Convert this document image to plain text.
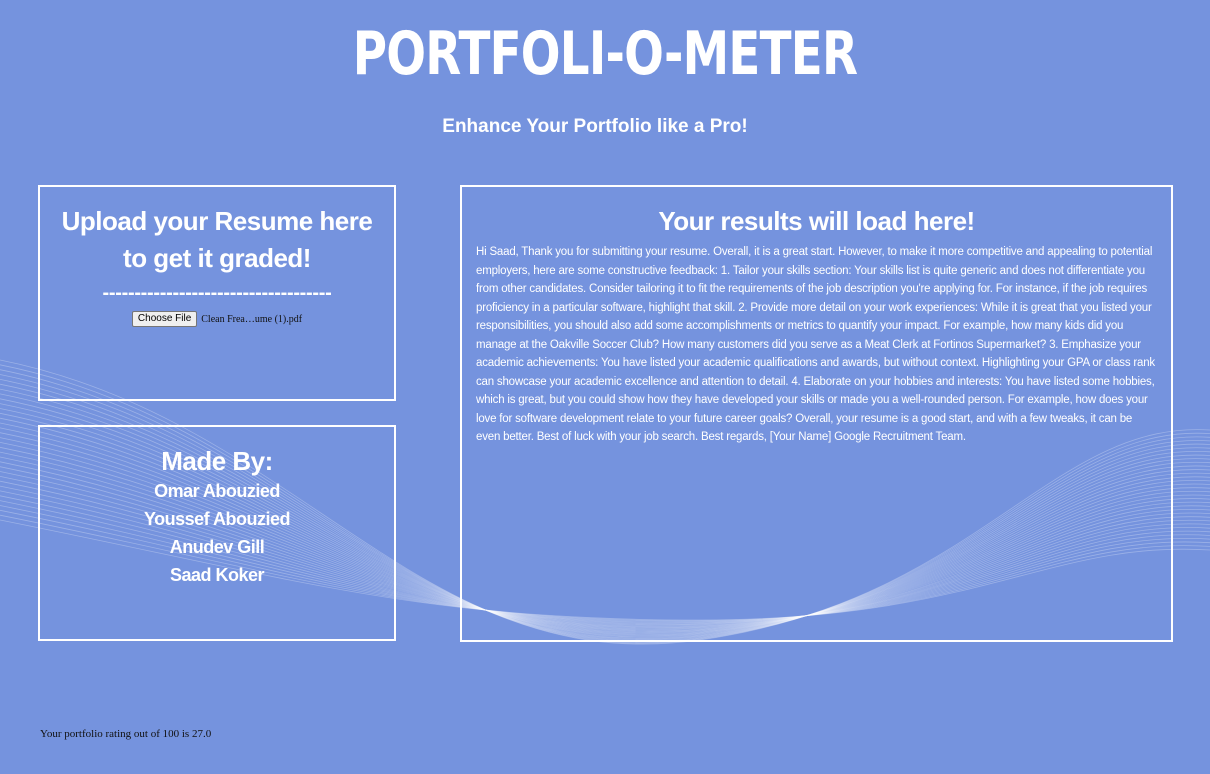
PORTFOLI-O-METER

Enhance Your Portfolio like a Pro!

Upload your Resume here to get it graded!
------------------------------------
Choose File	Clean Frea…ume (1).pdf
Made By:
Omar Abouzied
Youssef Abouzied
Anudev Gill
Saad Koker
Your results will load here!

Hi Saad, Thank you for submitting your resume. Overall, it is a great start. However, to make it more competitive and appealing to potential employers, here are some constructive feedback: 1. Tailor your skills section: Your skills list is quite generic and does not differentiate you from other candidates. Consider tailoring it to fit the requirements of the job description you're applying for. For instance, if the job requires proficiency in a particular software, highlight that skill. 2. Provide more detail on your work experiences: While it is great that you listed your responsibilities, you should also add some accomplishments or metrics to quantify your impact. For example, how many kids did you manage at the Oakville Soccer Club? How many customers did you serve as a Meat Clerk at Fortinos Supermarket? 3. Emphasize your academic achievements: You have listed your academic qualifications and awards, but without context. Highlighting your GPA or class rank can showcase your academic excellence and attention to detail. 4. Elaborate on your hobbies and interests: You have listed some hobbies, which is great, but you could show how they have developed your skills or made you a well-rounded person. For example, how does your love for software development relate to your future career goals? Overall, your resume is a good start, and with a few tweaks, it can be even better. Best of luck with your job search. Best regards, [Your Name] Google Recruitment Team.

Your portfolio rating out of 100 is 27.0
